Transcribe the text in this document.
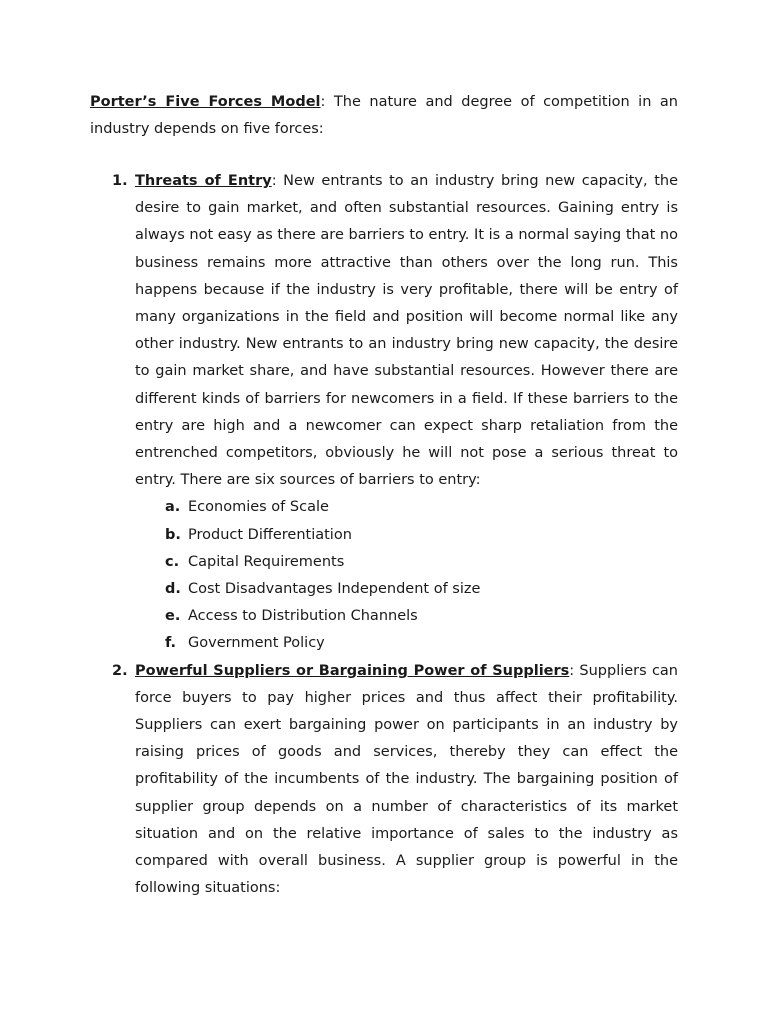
Porter’s Five Forces Model: The nature and degree of competition in an industry depends on five forces:

1. Threats of Entry: New entrants to an industry bring new capacity, the desire to gain market, and often substantial resources. Gaining entry is always not easy as there are barriers to entry. It is a normal saying that no business remains more attractive than others over the long run. This happens because if the industry is very profitable, there will be entry of many organizations in the field and position will become normal like any other industry. New entrants to an industry bring new capacity, the desire to gain market share, and have substantial resources. However there are different kinds of barriers for newcomers in a field. If these barriers to the entry are high and a newcomer can expect sharp retaliation from the entrenched competitors, obviously he will not pose a serious threat to entry. There are six sources of barriers to entry:
a. Economies of Scale
b. Product Differentiation
c. Capital Requirements
d. Cost Disadvantages Independent of size
e. Access to Distribution Channels
f. Government Policy
2. Powerful Suppliers or Bargaining Power of Suppliers: Suppliers can force buyers to pay higher prices and thus affect their profitability. Suppliers can exert bargaining power on participants in an industry by raising prices of goods and services, thereby they can effect the profitability of the incumbents of the industry. The bargaining position of supplier group depends on a number of characteristics of its market situation and on the relative importance of sales to the industry as compared with overall business. A supplier group is powerful in the following situations:
